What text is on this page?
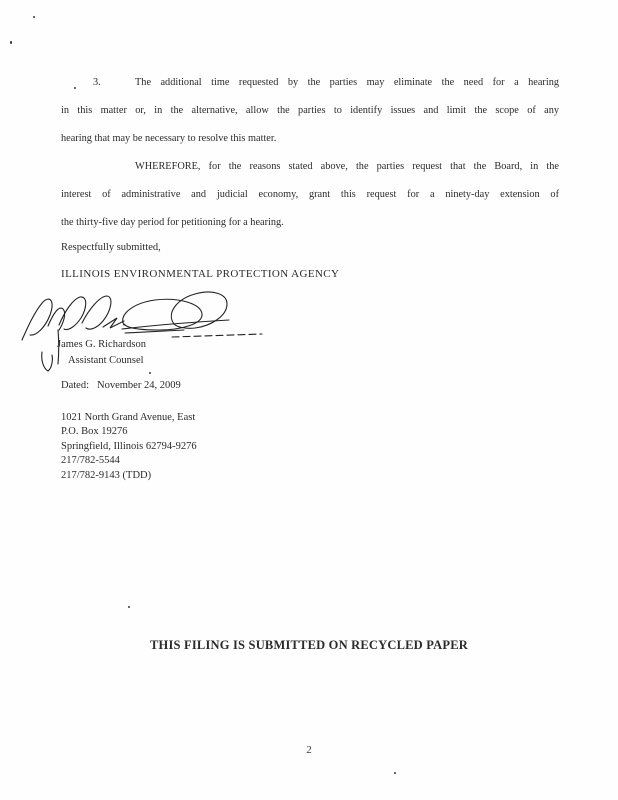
3.	The additional time requested by the parties may eliminate the need for a hearing
in this matter or, in the alternative, allow the parties to identify issues and limit the scope of any
hearing that may be necessary to resolve this matter.
WHEREFORE, for the reasons stated above, the parties request that the Board, in the
interest of administrative and judicial economy, grant this request for a ninety-day extension of
the thirty-five day period for petitioning for a hearing.
Respectfully submitted,
ILLINOIS ENVIRONMENTAL PROTECTION AGENCY
James G. Richardson
Assistant Counsel
Dated: November 24, 2009
1021 North Grand Avenue, East
P.O. Box 19276
Springfield, Illinois 62794-9276
217/782-5544
217/782-9143 (TDD)
THIS FILING IS SUBMITTED ON RECYCLED PAPER
2
